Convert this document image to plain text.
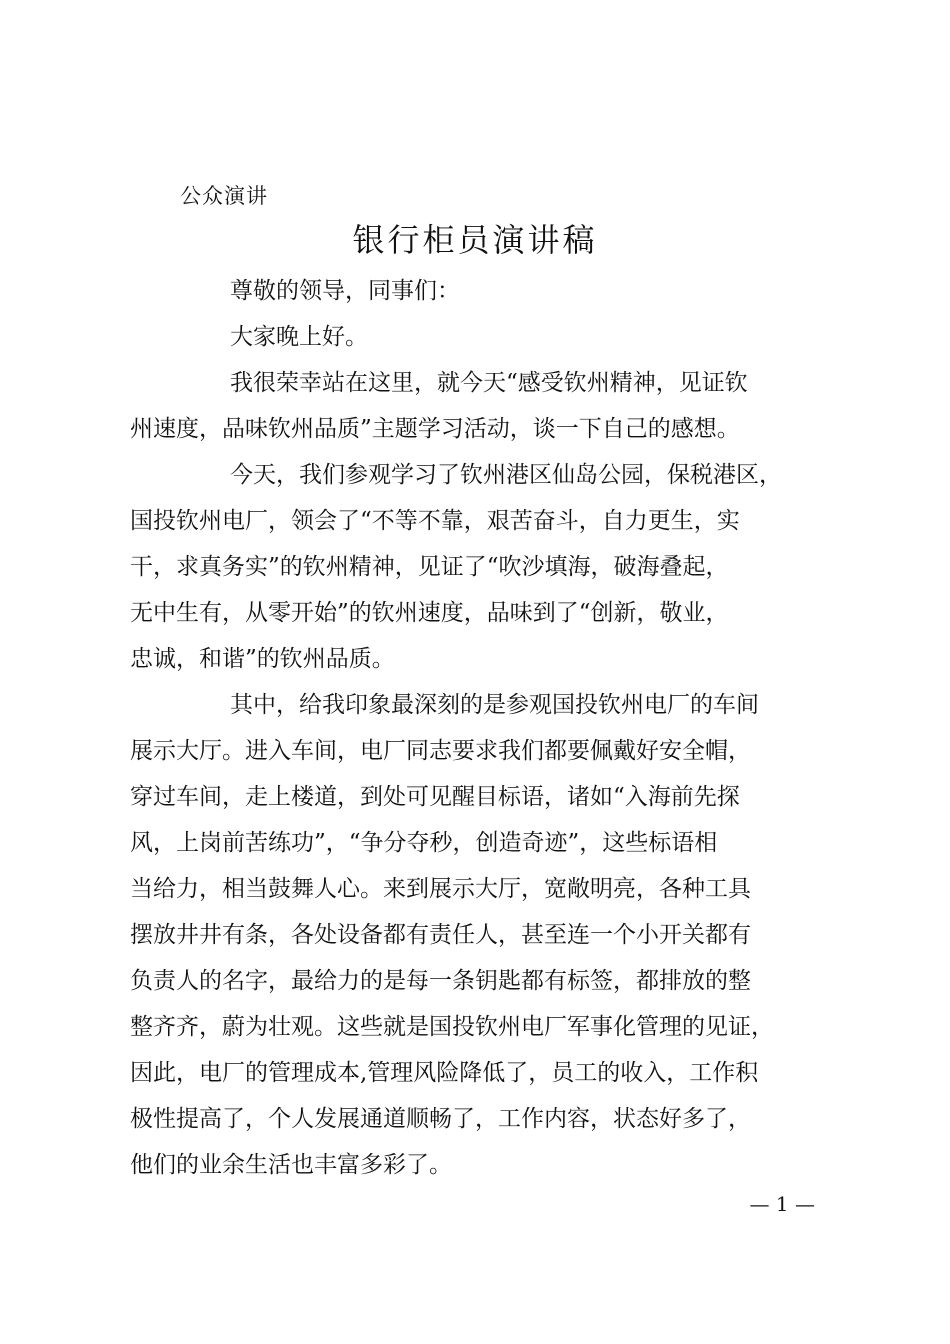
公众演讲
银行柜员演讲稿
尊敬的领导，同事们：
大家晚上好。
我很荣幸站在这里，就今天“感受钦州精神，见证钦
州速度，品味钦州品质”主题学习活动，谈一下自己的感想。
今天，我们参观学习了钦州港区仙岛公园，保税港区，
国投钦州电厂，领会了“不等不靠，艰苦奋斗，自力更生，实
干，求真务实”的钦州精神，见证了“吹沙填海，破海叠起，
无中生有，从零开始”的钦州速度，品味到了“创新，敬业，
忠诚，和谐”的钦州品质。
其中，给我印象最深刻的是参观国投钦州电厂的车间
展示大厅。进入车间，电厂同志要求我们都要佩戴好安全帽，
穿过车间，走上楼道，到处可见醒目标语，诸如“入海前先探
风，上岗前苦练功”，“争分夺秒，创造奇迹”，这些标语相
当给力，相当鼓舞人心。来到展示大厅，宽敞明亮，各种工具
摆放井井有条，各处设备都有责任人，甚至连一个小开关都有
负责人的名字，最给力的是每一条钥匙都有标签，都排放的整
整齐齐，蔚为壮观。这些就是国投钦州电厂军事化管理的见证，
因此，电厂的管理成本,管理风险降低了，员工的收入，工作积
极性提高了，个人发展通道顺畅了，工作内容，状态好多了，
他们的业余生活也丰富多彩了。
— 1 —
